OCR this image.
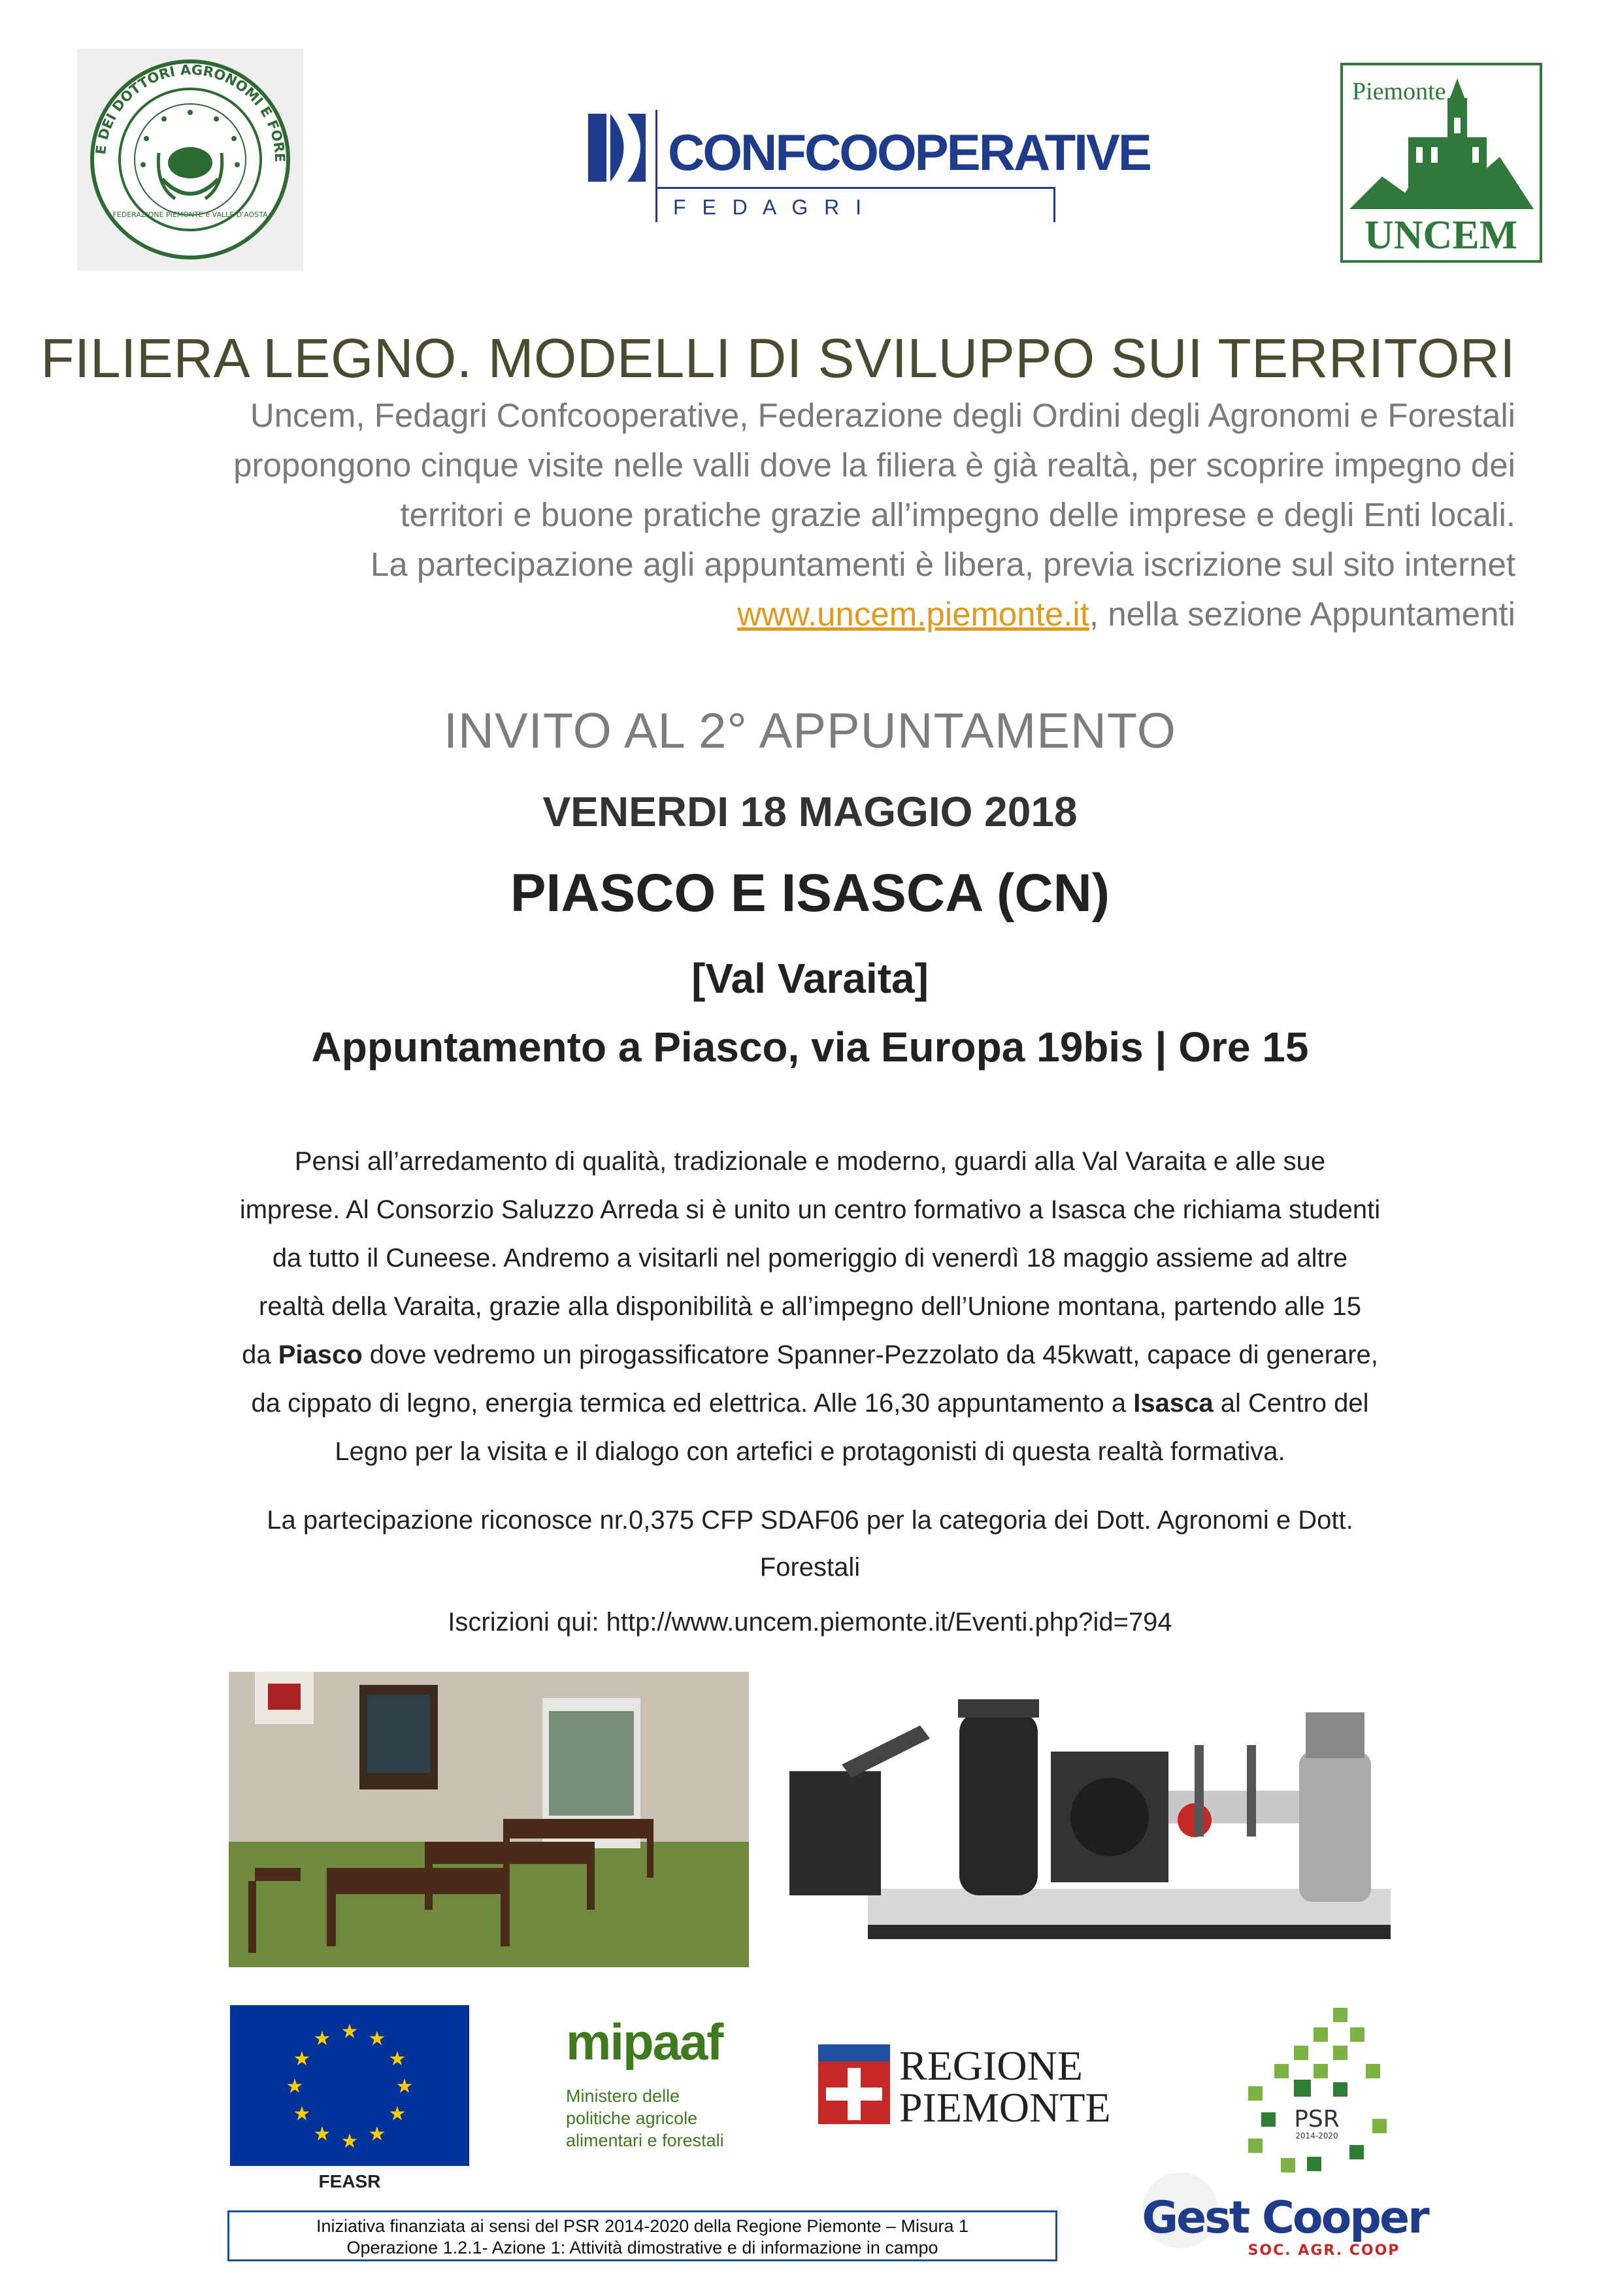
E DEI DOTTORI AGRONOMI E FORE
FEDERAZIONE PIEMONTE e VALLE D'AOSTA
CONFCOOPERATIVE
F E D A G R I
Piemonte
UNCEM
FILIERA LEGNO. MODELLI DI SVILUPPO SUI TERRITORI
Uncem, Fedagri Confcooperative, Federazione degli Ordini degli Agronomi e Forestali
propongono cinque visite nelle valli dove la filiera è già realtà, per scoprire impegno dei
territori e buone pratiche grazie all’impegno delle imprese e degli Enti locali.
La partecipazione agli appuntamenti è libera, previa iscrizione sul sito internet
www.uncem.piemonte.it, nella sezione Appuntamenti
INVITO AL 2° APPUNTAMENTO
VENERDI 18 MAGGIO 2018
PIASCO E ISASCA (CN)
[Val Varaita]
Appuntamento a Piasco, via Europa 19bis | Ore 15
Pensi all’arredamento di qualità, tradizionale e moderno, guardi alla Val Varaita e alle sue
imprese. Al Consorzio Saluzzo Arreda si è unito un centro formativo a Isasca che richiama studenti
da tutto il Cuneese. Andremo a visitarli nel pomeriggio di venerdì 18 maggio assieme ad altre
realtà della Varaita, grazie alla disponibilità e all’impegno dell’Unione montana, partendo alle 15
da Piasco dove vedremo un pirogassificatore Spanner-Pezzolato da 45kwatt, capace di generare,
da cippato di legno, energia termica ed elettrica. Alle 16,30 appuntamento a Isasca al Centro del
Legno per la visita e il dialogo con artefici e protagonisti di questa realtà formativa.
La partecipazione riconosce nr.0,375 CFP SDAF06 per la categoria dei Dott. Agronomi e Dott.
Forestali
Iscrizioni qui: http://www.uncem.piemonte.it/Eventi.php?id=794
★ ★
★
★
★
★
★
★
★
★
★
★
FEASR
mipaaf
Ministero delle
politiche agricole
alimentari e forestali
REGIONE
PIEMONTE	PSR
2014-2020
Gest Cooper
SOC. AGR. COOP
Iniziativa finanziata ai sensi del PSR 2014-2020 della Regione Piemonte – Misura 1
Operazione 1.2.1- Azione 1: Attività dimostrative e di informazione in campo
